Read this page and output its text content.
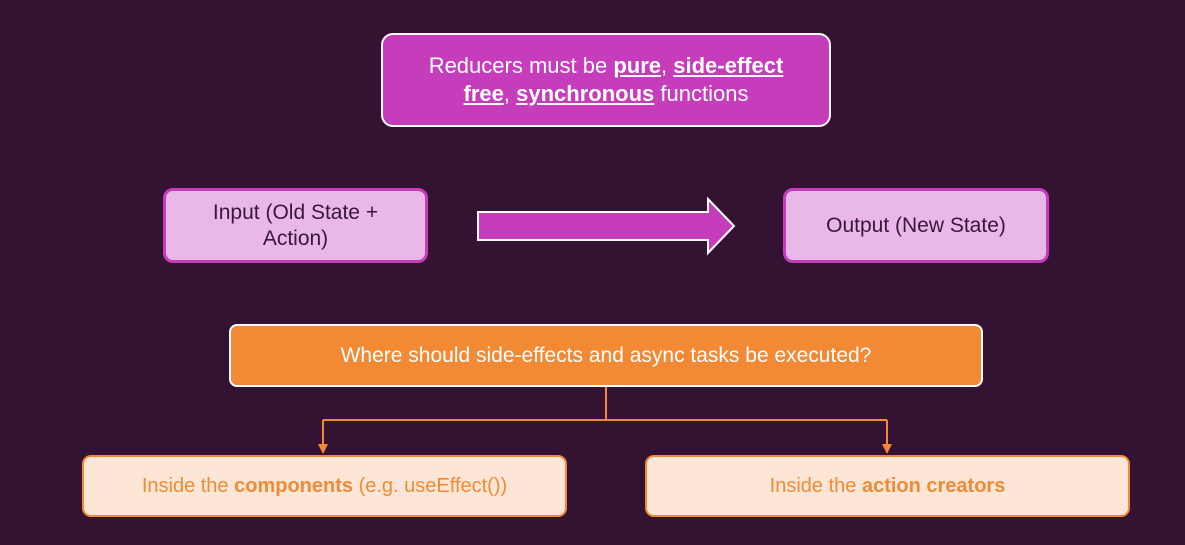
Reducers must be pure, side-effect free, synchronous functions
Input (Old State + Action)
Output (New State)
Where should side-effects and async tasks be executed?
Inside the components (e.g. useEffect())	Inside the action creators
